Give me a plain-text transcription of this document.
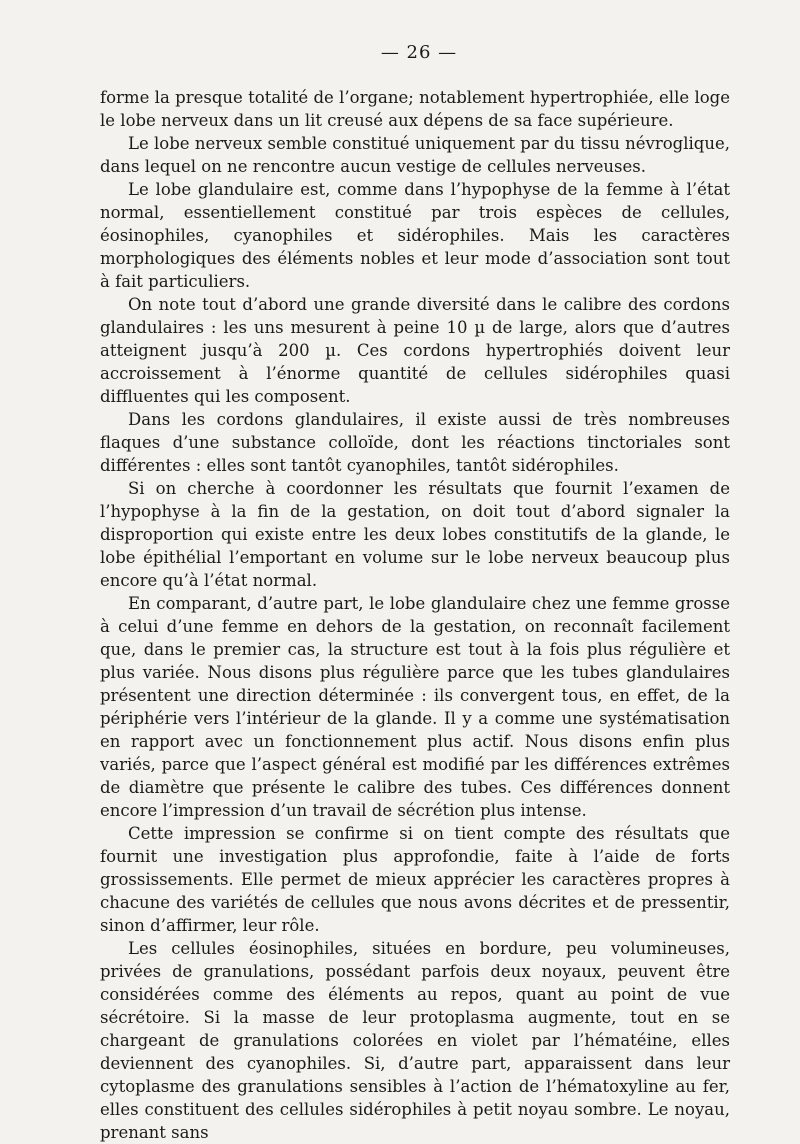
— 26 —

forme la presque totalité de l’organe; notablement hypertrophiée, elle loge le lobe nerveux dans un lit creusé aux dépens de sa face supérieure.

Le lobe nerveux semble constitué uniquement par du tissu névroglique, dans lequel on ne rencontre aucun vestige de cellules nerveuses.

Le lobe glandulaire est, comme dans l’hypophyse de la femme à l’état normal, essentiellement constitué par trois espèces de cellules, éosinophiles, cyanophiles et sidérophiles. Mais les caractères morphologiques des éléments nobles et leur mode d’association sont tout à fait particuliers.

On note tout d’abord une grande diversité dans le calibre des cordons glandulaires : les uns mesurent à peine 10 µ de large, alors que d’autres atteignent jusqu’à 200 µ. Ces cordons hypertrophiés doivent leur accroissement à l’énorme quantité de cellules sidérophiles quasi diffluentes qui les composent.

Dans les cordons glandulaires, il existe aussi de très nombreuses flaques d’une substance colloïde, dont les réactions tinctoriales sont différentes : elles sont tantôt cyanophiles, tantôt sidérophiles.

Si on cherche à coordonner les résultats que fournit l’examen de l’hypophyse à la fin de la gestation, on doit tout d’abord signaler la disproportion qui existe entre les deux lobes constitutifs de la glande, le lobe épithélial l’emportant en volume sur le lobe nerveux beaucoup plus encore qu’à l’état normal.

En comparant, d’autre part, le lobe glandulaire chez une femme grosse à celui d’une femme en dehors de la gestation, on reconnaît facilement que, dans le premier cas, la structure est tout à la fois plus régulière et plus variée. Nous disons plus régulière parce que les tubes glandulaires présentent une direction déterminée : ils convergent tous, en effet, de la périphérie vers l’intérieur de la glande. Il y a comme une systématisation en rapport avec un fonctionnement plus actif. Nous disons enfin plus variés, parce que l’aspect général est modifié par les différences extrêmes de diamètre que présente le calibre des tubes. Ces différences donnent encore l’impression d’un travail de sécrétion plus intense.

Cette impression se confirme si on tient compte des résultats que fournit une investigation plus approfondie, faite à l’aide de forts grossissements. Elle permet de mieux apprécier les caractères propres à chacune des variétés de cellules que nous avons décrites et de pressentir, sinon d’affirmer, leur rôle.

Les cellules éosinophiles, situées en bordure, peu volumineuses, privées de granulations, possédant parfois deux noyaux, peuvent être considérées comme des éléments au repos, quant au point de vue sécrétoire. Si la masse de leur protoplasma augmente, tout en se chargeant de granulations colorées en violet par l’hématéine, elles deviennent des cyanophiles. Si, d’autre part, apparaissent dans leur cytoplasme des granulations sensibles à l’action de l’hématoxyline au fer, elles constituent des cellules sidérophiles à petit noyau sombre. Le noyau, prenant sans
